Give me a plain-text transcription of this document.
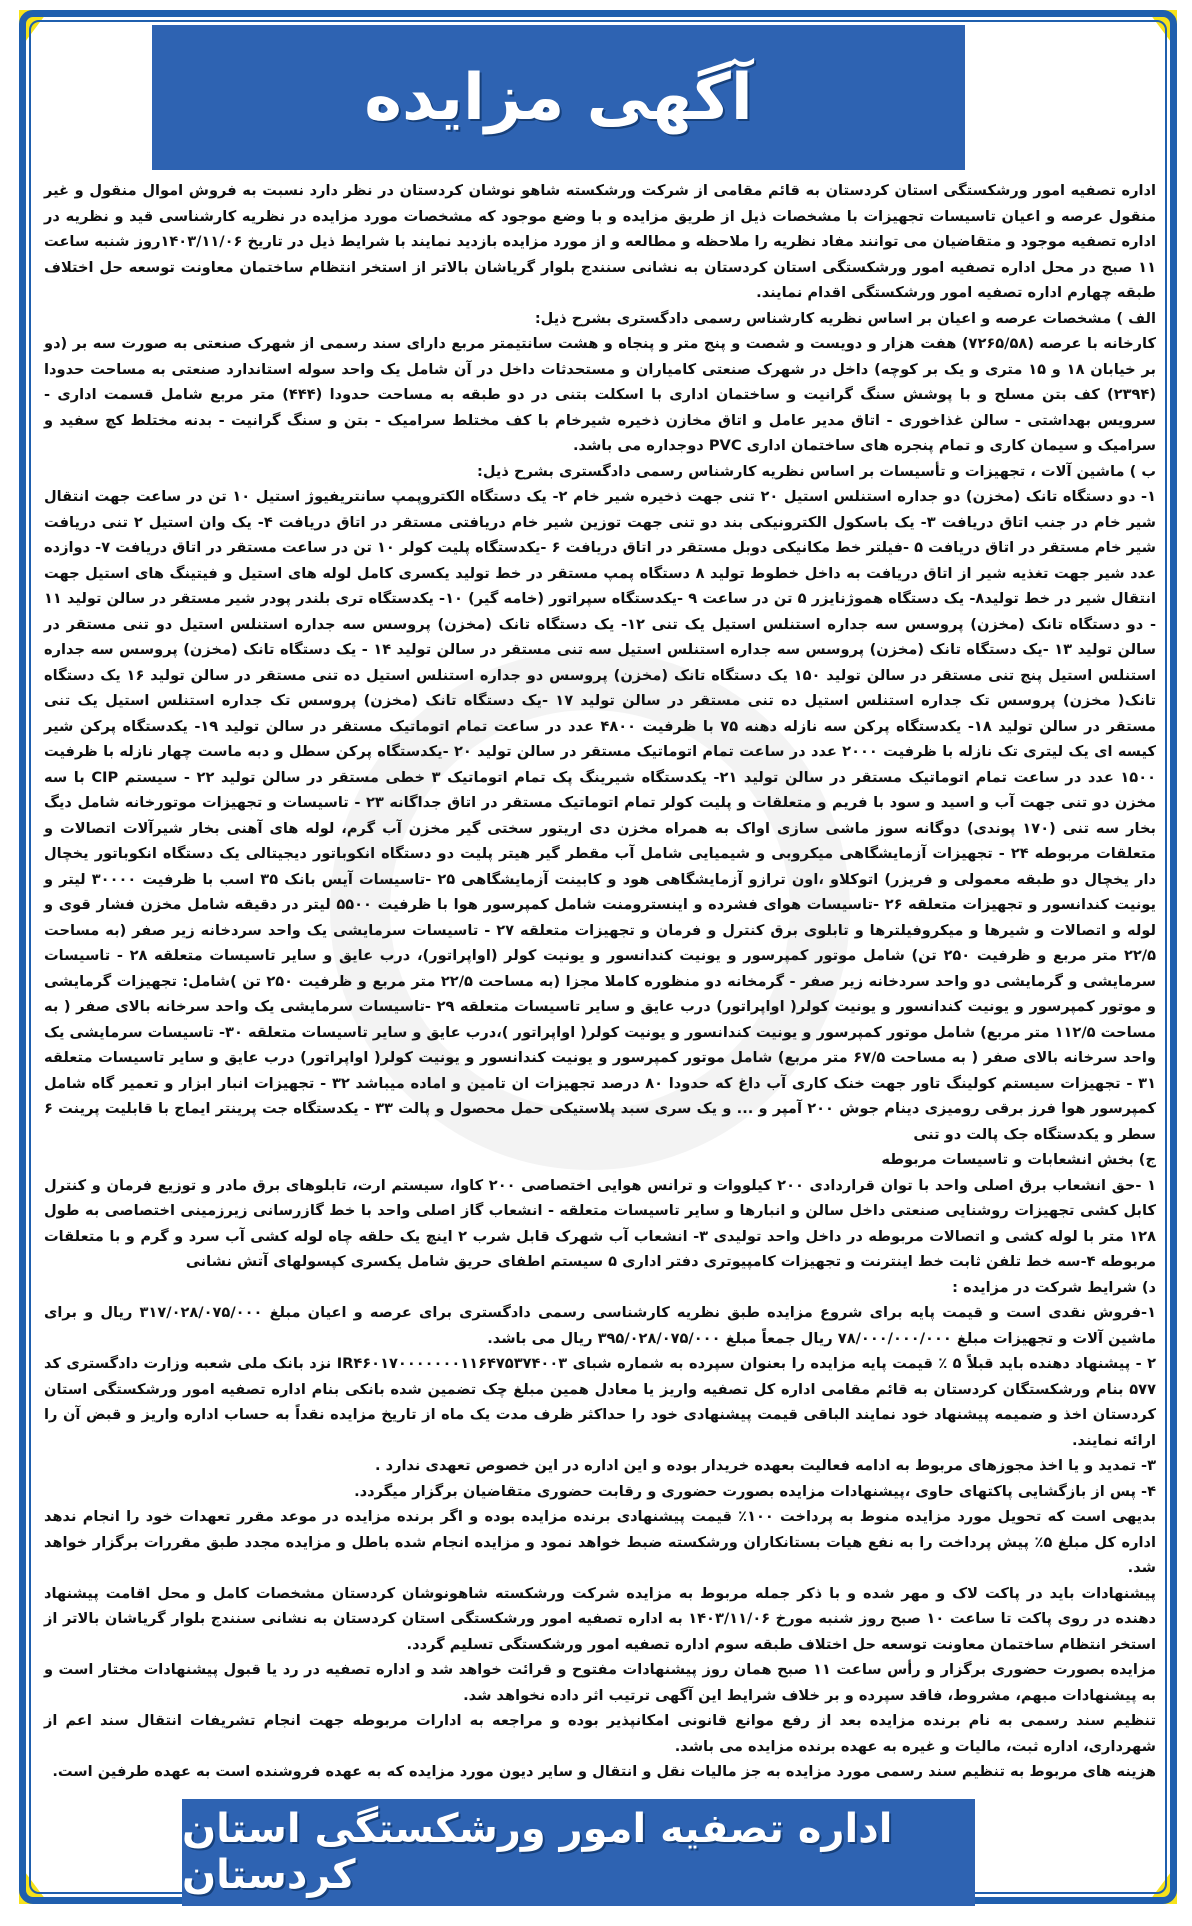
آگهی مزایده

اداره تصفیه امور ورشکستگی استان کردستان به قائم مقامی از شرکت ورشکسته شاهو نوشان کردستان در نظر دارد نسبت به فروش اموال منقول و غیر منقول عرصه و اعیان تاسیسات تجهیزات با مشخصات ذیل از طریق مزایده و با وضع موجود که مشخصات مورد مزایده در نظریه کارشناسی قید و نظریه در اداره تصفیه موجود و متقاضیان می توانند مفاد نظریه را ملاحظه و مطالعه و از مورد مزایده بازدید نمایند با شرایط ذیل در تاریخ ۱۴۰۳/۱۱/۰۶روز شنبه ساعت ۱۱ صبح در محل اداره تصفیه امور ورشکستگی استان کردستان به نشانی سنندج بلوار گریاشان بالاتر از استخر انتظام ساختمان معاونت توسعه حل اختلاف طبقه چهارم اداره تصفیه امور ورشکستگی اقدام نمایند.

الف ) مشخصات عرصه و اعیان بر اساس نظریه کارشناس رسمی دادگستری بشرح ذیل:

کارخانه با عرصه (۷۲۶۵/۵۸) هفت هزار و دویست و شصت و پنج متر و پنجاه و هشت سانتیمتر مربع دارای سند رسمی از شهرک صنعتی به صورت سه بر (دو بر خیابان ۱۸ و ۱۵ متری و یک بر کوچه) داخل در شهرک صنعتی کامیاران و مستحدثات داخل در آن شامل یک واحد سوله استاندارد صنعتی به مساحت حدودا (۲۳۹۴) کف بتن مسلح و با پوشش سنگ گرانیت و ساختمان اداری با اسکلت بتنی در دو طبقه به مساحت حدودا (۴۴۴) متر مربع شامل قسمت اداری - سرویس بهداشتی - سالن غذاخوری - اتاق مدیر عامل و اتاق مخازن ذخیره شیرخام با کف مختلط سرامیک - بتن و سنگ گرانیت - بدنه مختلط کچ سفید و سرامیک و سیمان کاری و تمام پنجره های ساختمان اداری PVC دوجداره می باشد.

ب ) ماشین آلات ، تجهیزات و تأسیسات بر اساس نظریه کارشناس رسمی دادگستری بشرح ذیل:

۱- دو دستگاه تانک (مخزن) دو جداره استنلس استیل ۲۰ تنی جهت ذخیره شیر خام ۲- یک دستگاه الکتروپمپ سانتریفیوژ استیل ۱۰ تن در ساعت جهت انتقال شیر خام در جنب اتاق دریافت ۳- یک باسکول الکترونیکی بند دو تنی جهت توزین شیر خام دریافتی مستقر در اتاق دریافت ۴- یک وان استیل ۲ تنی دریافت شیر خام مستقر در اتاق دریافت ۵ -فیلتر خط مکانیکی دوبل مستقر در اتاق دریافت ۶ -یکدستگاه پلیت کولر ۱۰ تن در ساعت مستقر در اتاق دریافت ۷- دوازده عدد شیر جهت تغذیه شیر از اتاق دریافت به داخل خطوط تولید ۸ دستگاه پمپ مستقر در خط تولید یکسری کامل لوله های استیل و فیتینگ های استیل جهت انتقال شیر در خط تولید۸- یک دستگاه هموژنایزر ۵ تن در ساعت ۹ -یکدستگاه سپراتور (خامه گیر) ۱۰- یکدستگاه تری بلندر پودر شیر مستقر در سالن تولید ۱۱ - دو دستگاه تانک (مخزن) پروسس سه جداره استنلس استیل یک تنی ۱۲- یک دستگاه تانک (مخزن) پروسس سه جداره استنلس استیل دو تنی مستقر در سالن تولید ۱۳ -یک دستگاه تانک (مخزن) پروسس سه جداره استنلس استیل سه تنی مستقر در سالن تولید ۱۴ - یک دستگاه تانک (مخزن) پروسس سه جداره استنلس استیل پنج تنی مستقر در سالن تولید ۱۵۰ یک دستگاه تانک (مخزن) پروسس دو جداره استنلس استیل ده تنی مستقر در سالن تولید ۱۶ یک دستگاه تانک( مخزن) پروسس تک جداره استنلس استیل ده تنی مستقر در سالن تولید ۱۷ -یک دستگاه تانک (مخزن) پروسس تک جداره استنلس استیل یک تنی مستقر در سالن تولید ۱۸- یکدستگاه پرکن سه نازله دهنه ۷۵ با ظرفیت ۴۸۰۰ عدد در ساعت تمام اتوماتیک مستقر در سالن تولید ۱۹- یکدستگاه پرکن شیر کیسه ای یک لیتری تک نازله با ظرفیت ۲۰۰۰ عدد در ساعت تمام اتوماتیک مستقر در سالن تولید ۲۰ -یکدستگاه پرکن سطل و دبه ماست چهار نازله با ظرفیت ۱۵۰۰ عدد در ساعت تمام اتوماتیک مستقر در سالن تولید ۲۱- یکدستگاه شیرینگ پک تمام اتوماتیک ۳ خطی مستقر در سالن تولید ۲۲ - سیستم CIP با سه مخزن دو تنی جهت آب و اسید و سود با فریم و متعلقات و پلیت کولر تمام اتوماتیک مستقر در اتاق جداگانه ۲۳ - تاسیسات و تجهیزات موتورخانه شامل دیگ بخار سه تنی (۱۷۰ پوندی) دوگانه سوز ماشی سازی اواک به همراه مخزن دی اریتور سختی گیر مخزن آب گرم، لوله های آهنی بخار شیرآلات اتصالات و متعلقات مربوطه ۲۴ - تجهیزات آزمایشگاهی میکروبی و شیمیایی شامل آب مقطر گیر هیتر پلیت دو دستگاه انکوباتور دیجیتالی یک دستگاه انکوباتور یخچال دار یخچال دو طبقه معمولی و فریزر) اتوکلاو ،اون ترازو آزمایشگاهی هود و کابینت آزمایشگاهی ۲۵ -تاسیسات آیس بانک ۳۵ اسب با ظرفیت ۳۰۰۰۰ لیتر و یونیت کندانسور و تجهیزات متعلقه ۲۶ -تاسیسات هوای فشرده و اینسترومنت شامل کمپرسور هوا با ظرفیت ۵۵۰۰ لیتر در دقیقه شامل مخزن فشار قوی و لوله و اتصالات و شیرها و میکروفیلترها و تابلوی برق کنترل و فرمان و تجهیزات متعلقه ۲۷ - تاسیسات سرمایشی یک واحد سردخانه زیر صفر (به مساحت ۲۲/۵ متر مربع و ظرفیت ۲۵۰ تن) شامل موتور کمپرسور و یونیت کندانسور و یونیت کولر (اواپراتور)، درب عایق و سایر تاسیسات متعلقه ۲۸ - تاسیسات سرمایشی و گرمایشی دو واحد سردخانه زیر صفر - گرمخانه دو منظوره کاملا مجزا (به مساحت ۲۲/۵ متر مربع و ظرفیت ۲۵۰ تن )شامل: تجهیزات گرمایشی و موتور کمپرسور و یونیت کندانسور و یونیت کولر( اواپراتور) درب عایق و سایر تاسیسات متعلقه ۲۹ -تاسیسات سرمایشی یک واحد سرخانه بالای صفر ( به مساحت ۱۱۲/۵ متر مربع) شامل موتور کمپرسور و یونیت کندانسور و یونیت کولر( اواپراتور )،درب عایق و سایر تاسیسات متعلقه ۳۰- تاسیسات سرمایشی یک واحد سرخانه بالای صفر ( به مساحت ۶۷/۵ متر مربع) شامل موتور کمپرسور و یونیت کندانسور و یونیت کولر( اواپراتور) درب عایق و سایر تاسیسات متعلقه ۳۱ - تجهیزات سیستم کولینگ تاور جهت خنک کاری آب داغ که حدودا ۸۰ درصد تجهیزات ان تامین و اماده میباشد ۳۲ - تجهیزات انبار ابزار و تعمیر گاه شامل کمپرسور هوا فرز برقی رومیزی دینام جوش ۲۰۰ آمپر و ... و یک سری سبد پلاستیکی حمل محصول و پالت ۳۳ - یکدستگاه جت پرینتر ایماج با قابلیت پرینت ۶ سطر و یکدستگاه جک پالت دو تنی

ج) بخش انشعابات و تاسیسات مربوطه

۱ -حق انشعاب برق اصلی واحد با توان قراردادی ۲۰۰ کیلووات و ترانس هوایی اختصاصی ۲۰۰ کاوا، سیستم ارت، تابلوهای برق مادر و توزیع فرمان و کنترل کابل کشی تجهیزات روشنایی صنعتی داخل سالن و انبارها و سایر تاسیسات متعلقه - انشعاب گاز اصلی واحد با خط گازرسانی زیرزمینی اختصاصی به طول ۱۲۸ متر با لوله کشی و اتصالات مربوطه در داخل واحد تولیدی ۳- انشعاب آب شهرک قابل شرب ۲ اینچ یک حلقه چاه لوله کشی آب سرد و گرم و با متعلقات مربوطه ۴-سه خط تلفن ثابت خط اینترنت و تجهیزات کامپیوتری دفتر اداری ۵ سیستم اطفای حریق شامل یکسری کپسولهای آتش نشانی

د) شرایط شرکت در مزایده :

۱-فروش نقدی است و قیمت پایه برای شروع مزایده طبق نظریه کارشناسی رسمی دادگستری برای عرصه و اعیان مبلغ ۳۱۷/۰۲۸/۰۷۵/۰۰۰ ریال و برای ماشین آلات و تجهیزات مبلغ ۷۸/۰۰۰/۰۰۰/۰۰۰ ریال جمعاً مبلغ ۳۹۵/۰۲۸/۰۷۵/۰۰۰ ریال می باشد.

۲ - پیشنهاد دهنده باید قبلاً ۵ ٪ قیمت پایه مزایده را بعنوان سپرده به شماره شبای IR۴۶۰۱۷۰۰۰۰۰۰۰۱۱۶۴۷۵۳۷۴۰۰۳ نزد بانک ملی شعبه وزارت دادگستری کد ۵۷۷ بنام ورشکستگان کردستان به قائم مقامی اداره کل تصفیه واریز یا معادل همین مبلغ چک تضمین شده بانکی بنام اداره تصفیه امور ورشکستگی استان کردستان اخذ و ضمیمه پیشنهاد خود نمایند الباقی قیمت پیشنهادی خود را حداکثر ظرف مدت یک ماه از تاریخ مزایده نقداً به حساب اداره واریز و قبض آن را ارائه نمایند.

۳- تمدید و یا اخذ مجوزهای مربوط به ادامه فعالیت بعهده خریدار بوده و این اداره در این خصوص تعهدی ندارد .

۴- پس از بازگشایی پاکتهای حاوی ،پیشنهادات مزایده بصورت حضوری و رقابت حضوری متقاضیان برگزار میگردد.

بدیهی است که تحویل مورد مزایده منوط به پرداخت ۱۰۰٪ قیمت پیشنهادی برنده مزایده بوده و اگر برنده مزایده در موعد مقرر تعهدات خود را انجام ندهد اداره کل مبلغ ۵٪ پیش پرداخت را به نفع هیات بستانکاران ورشکسته ضبط خواهد نمود و مزایده انجام شده باطل و مزایده مجدد طبق مقررات برگزار خواهد شد.

پیشنهادات باید در پاکت لاک و مهر شده و با ذکر جمله مربوط به مزایده شرکت ورشکسته شاهونوشان کردستان مشخصات کامل و محل اقامت پیشنهاد دهنده در روی پاکت تا ساعت ۱۰ صبح روز شنبه مورخ ۱۴۰۳/۱۱/۰۶ به اداره تصفیه امور ورشکستگی استان کردستان به نشانی سنندج بلوار گریاشان بالاتر از استخر انتظام ساختمان معاونت توسعه حل اختلاف طبقه سوم اداره تصفیه امور ورشکستگی تسلیم گردد.

مزایده بصورت حضوری برگزار و رأس ساعت ۱۱ صبح همان روز پیشنهادات مفتوح و قرائت خواهد شد و اداره تصفیه در رد یا قبول پیشنهادات مختار است و به پیشنهادات مبهم، مشروط، فاقد سپرده و بر خلاف شرایط این آگهی ترتیب اثر داده نخواهد شد.

تنظیم سند رسمی به نام برنده مزایده بعد از رفع موانع قانونی امکانپذیر بوده و مراجعه به ادارات مربوطه جهت انجام تشریفات انتقال سند اعم از شهرداری، اداره ثبت، مالیات و غیره به عهده برنده مزایده می باشد.

هزینه های مربوط به تنظیم سند رسمی مورد مزایده به جز مالیات نقل و انتقال و سایر دیون مورد مزایده که به عهده فروشنده است به عهده طرفین است.

اداره تصفیه امور ورشکستگی استان کردستان
